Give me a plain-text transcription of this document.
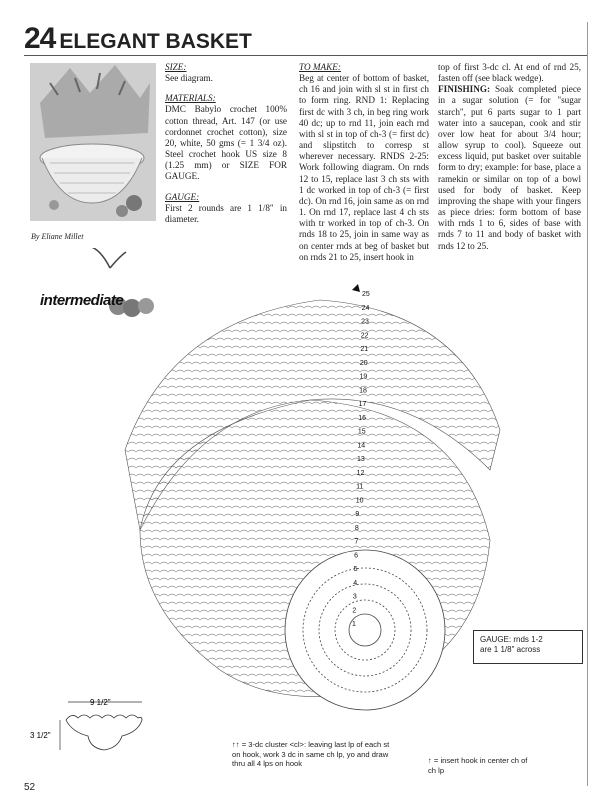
24 ELEGANT BASKET
By Eliane Millet

SIZE:

See diagram.

MATERIALS:

DMC Babylo crochet 100% cotton thread, Art. 147 (or use cordonnet crochet cotton), size 20, white, 50 gms (= 1 3/4 oz). Steel crochet hook US size 8 (1.25 mm) or SIZE FOR GAUGE.

GAUGE:

First 2 rounds are 1 1/8" in diameter.

TO MAKE:

Beg at center of bottom of basket, ch 16 and join with sl st in first ch to form ring. RND 1: Replacing first dc with 3 ch, in beg ring work 40 dc; up to rnd 11, join each rnd with sl st in top of ch-3 (= first dc) and slipstitch to corresp st wherever necessary. RNDS 2-25: Work following diagram. On rnds 12 to 15, replace last 3 ch sts with 1 dc worked in top of ch-3 (= first dc). On rnd 16, join same as on rnd 1. On rnd 17, replace last 4 ch sts with tr worked in top of ch-3. On rnds 18 to 25, join in same way as on center rnds at beg of basket but on rnds 21 to 25, insert hook in

top of first 3-dc cl. At end of rnd 25, fasten off (see black wedge).

FINISHING: Soak completed piece in a sugar solution (= for "sugar starch", put 6 parts sugar to 1 part water into a saucepan, cook and stir over low heat for about 3/4 hour; allow syrup to cool). Squeeze out excess liquid, put basket over suitable form to dry; example: for base, place a ramekin or similar on top of a bowl used for body of basket. Keep improving the shape with your fingers as piece dries: form bottom of base with rnds 1 to 6, sides of base with rnds 7 to 11 and body of basket with rnds 12 to 25.

intermediate	25
24
23
22
21
20
19
18
17
16
15
14
13
12
11
10
9
8
7
6
5
4
3
2
1
GAUGE: rnds 1-2
are 1 1/8" across
9 1/2"
3 1/2"
↑↑ = 3-dc cluster <cl>: leaving last lp of each st on hook, work 3 dc in same ch lp, yo and draw thru all 4 lps on hook	↑ = insert hook in center ch of ch lp
52
